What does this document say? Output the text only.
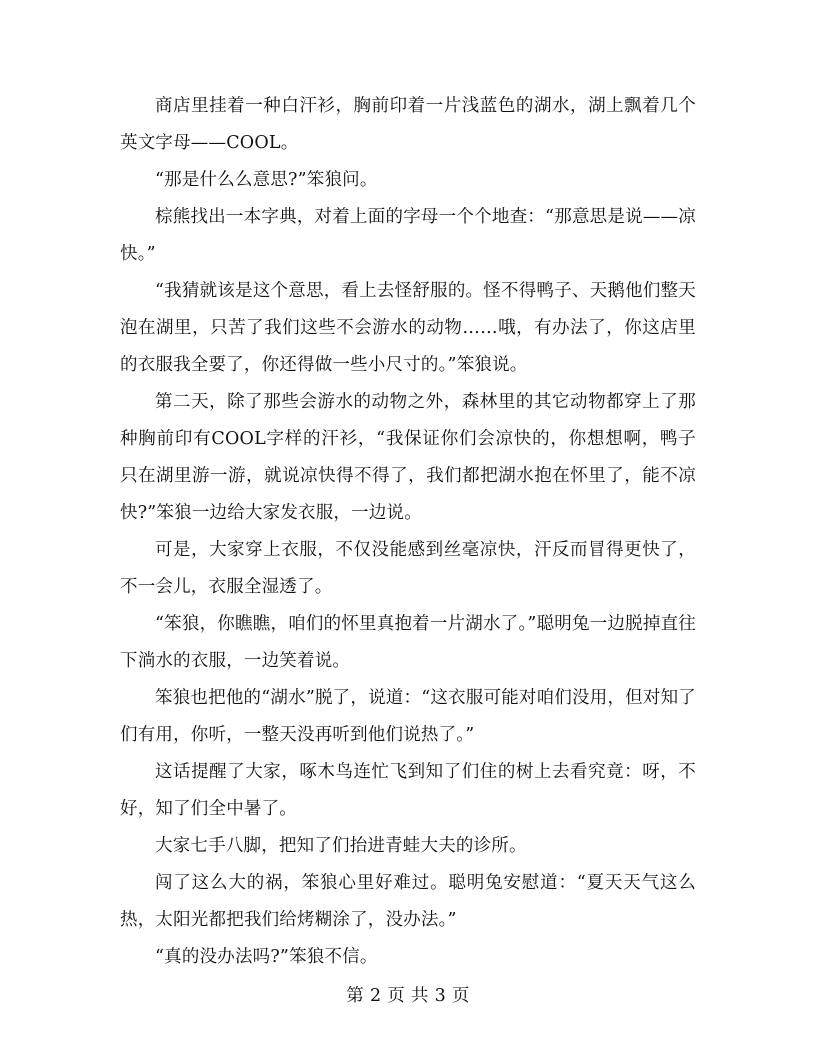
商店里挂着一种白汗衫，胸前印着一片浅蓝色的湖水，湖上飘着几个英文字母——COOL。

“那是什么么意思?”笨狼问。

棕熊找出一本字典，对着上面的字母一个个地查：“那意思是说——凉快。”

“我猜就该是这个意思，看上去怪舒服的。怪不得鸭子、天鹅他们整天泡在湖里，只苦了我们这些不会游水的动物……哦，有办法了，你这店里的衣服我全要了，你还得做一些小尺寸的。”笨狼说。

第二天，除了那些会游水的动物之外，森林里的其它动物都穿上了那种胸前印有COOL字样的汗衫，“我保证你们会凉快的，你想想啊，鸭子只在湖里游一游，就说凉快得不得了，我们都把湖水抱在怀里了，能不凉快?”笨狼一边给大家发衣服，一边说。

可是，大家穿上衣服，不仅没能感到丝毫凉快，汗反而冒得更快了，不一会儿，衣服全湿透了。

“笨狼，你瞧瞧，咱们的怀里真抱着一片湖水了。”聪明兔一边脱掉直往下淌水的衣服，一边笑着说。

笨狼也把他的“湖水”脱了，说道：“这衣服可能对咱们没用，但对知了们有用，你听，一整天没再听到他们说热了。”

这话提醒了大家，啄木鸟连忙飞到知了们住的树上去看究竟：呀，不好，知了们全中暑了。

大家七手八脚，把知了们抬进青蛙大夫的诊所。

闯了这么大的祸，笨狼心里好难过。聪明兔安慰道：“夏天天气这么热，太阳光都把我们给烤糊涂了，没办法。”

“真的没办法吗?”笨狼不信。

第 2 页 共 3 页
